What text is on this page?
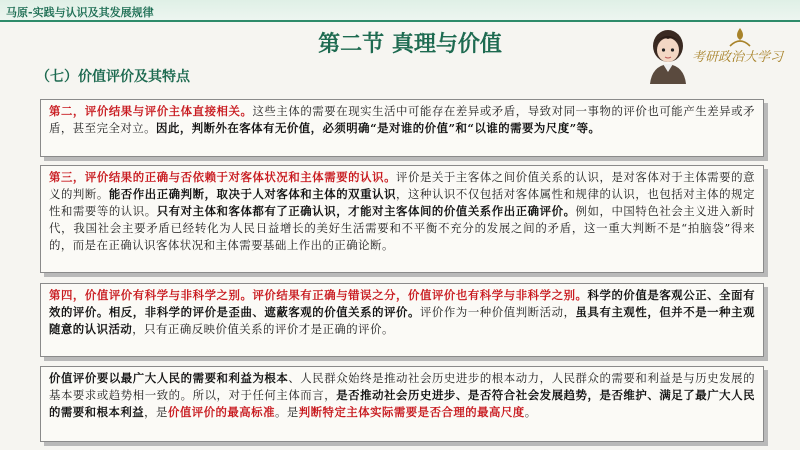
马原-实践与认识及其发展规律
第二节 真理与价值
（七）价值评价及其特点
考研政治大学习
第二，评价结果与评价主体直接相关。这些主体的需要在现实生活中可能存在差异或矛盾，导致对同一事物的评价也可能产生差异或矛盾，甚至完全对立。因此，判断外在客体有无价值，必须明确“是对谁的价值”和“以谁的需要为尺度”等。
第三，评价结果的正确与否依赖于对客体状况和主体需要的认识。评价是关于主客体之间价值关系的认识，是对客体对于主体需要的意义的判断。能否作出正确判断，取决于人对客体和主体的双重认识，这种认识不仅包括对客体属性和规律的认识，也包括对主体的规定性和需要等的认识。只有对主体和客体都有了正确认识，才能对主客体间的价值关系作出正确评价。例如，中国特色社会主义进入新时代，我国社会主要矛盾已经转化为人民日益增长的美好生活需要和不平衡不充分的发展之间的矛盾，这一重大判断不是“拍脑袋”得来的，而是在正确认识客体状况和主体需要基础上作出的正确论断。
第四，价值评价有科学与非科学之别。评价结果有正确与错误之分，价值评价也有科学与非科学之别。科学的价值是客观公正、全面有效的评价。相反，非科学的评价是歪曲、遮蔽客观的价值关系的评价。评价作为一种价值判断活动，虽具有主观性，但并不是一种主观随意的认识活动，只有正确反映价值关系的评价才是正确的评价。
价值评价要以最广大人民的需要和利益为根本、人民群众始终是推动社会历史进步的根本动力，人民群众的需要和利益是与历史发展的基本要求或趋势相一致的。所以，对于任何主体而言，是否推动社会历史进步、是否符合社会发展趋势，是否维护、满足了最广大人民的需要和根本利益，是价值评价的最高标准。是判断特定主体实际需要是否合理的最高尺度。
